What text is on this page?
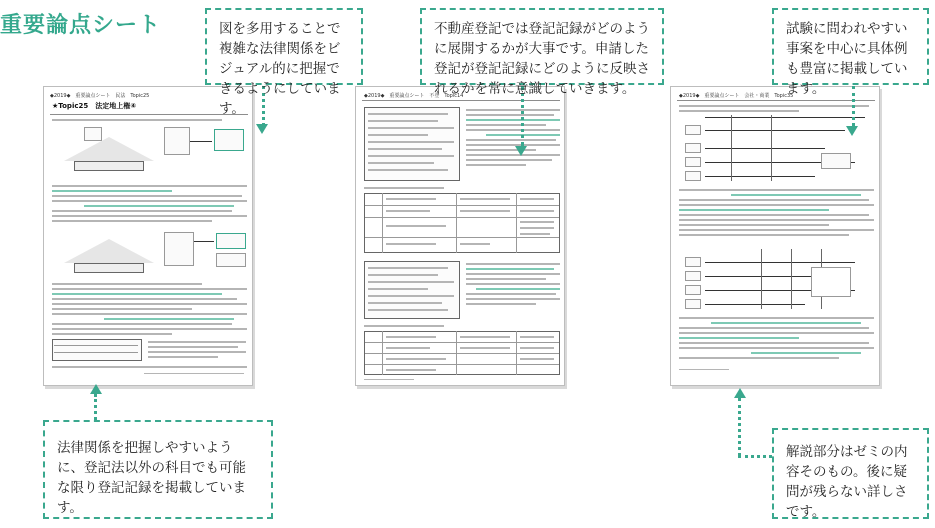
重要論点シート	図を多用することで複雑な法律関係をビジュアル的に把握できるようにしています。
不動産登記では登記記録がどのように展開するかが大事です。申請した登記が登記記録にどのように反映されるかを常に意識していきます。
試験に問われやすい事案を中心に具体例も豊富に掲載しています。
法律関係を把握しやすいように、登記法以外の科目でも可能な限り登記記録を掲載しています。
解説部分はゼミの内容そのもの。後に疑問が残らない詳しさです。
◆2019◆　重要論点シート　民法　Topic25
★Topic25　法定地上権④
◆2019◆　重要論点シート　不登　Topic14	◆2019◆　重要論点シート　会社・商業　Topic35
